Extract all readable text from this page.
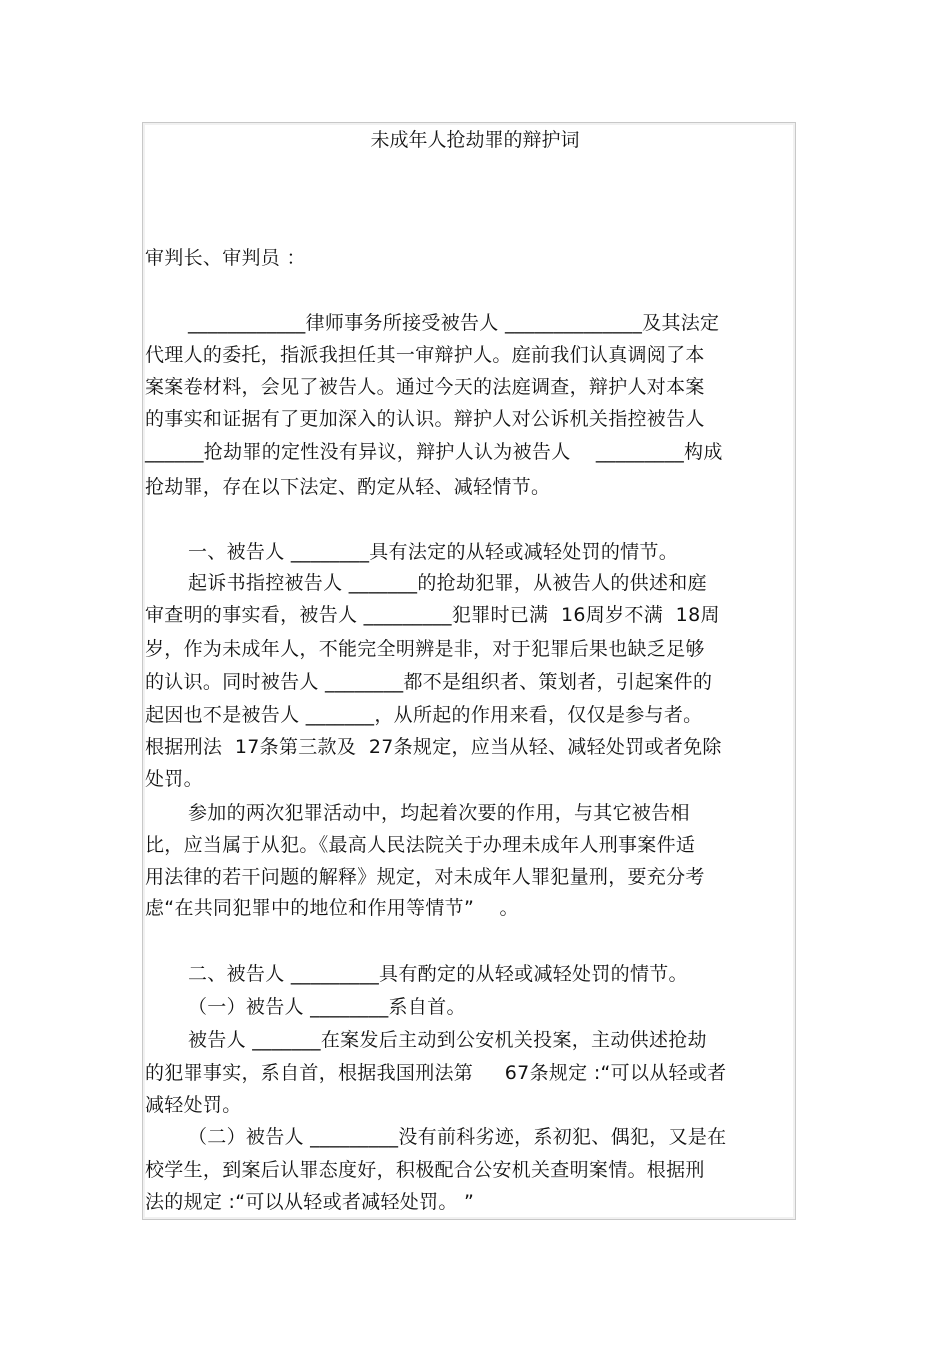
未成年人抢劫罪的辩护词
审判长、审判员 ：
____________律师事务所接受被告人 ______________及其法定
代理人的委托，指派我担任其一审辩护人。庭前我们认真调阅了本
案案卷材料，会见了被告人。通过今天的法庭调查，辩护人对本案
的事实和证据有了更加深入的认识。辩护人对公诉机关指控被告人
______抢劫罪的定性没有异议，辩护人认为被告人    _________构成
抢劫罪，存在以下法定、酌定从轻、减轻情节。
一、被告人 ________具有法定的从轻或减轻处罚的情节。
起诉书指控被告人 _______的抢劫犯罪，从被告人的供述和庭
审查明的事实看，被告人 _________犯罪时已满  16周岁不满  18周
岁，作为未成年人，不能完全明辨是非，对于犯罪后果也缺乏足够
的认识。同时被告人 ________都不是组织者、策划者，引起案件的
起因也不是被告人 _______，从所起的作用来看，仅仅是参与者。
根据刑法  17条第三款及  27条规定，应当从轻、减轻处罚或者免除
处罚。
参加的两次犯罪活动中，均起着次要的作用，与其它被告相
比，应当属于从犯。《最高人民法院关于办理未成年人刑事案件适
用法律的若干问题的解释》规定，对未成年人罪犯量刑，要充分考
虑“在共同犯罪中的地位和作用等情节”    。
二、被告人 _________具有酌定的从轻或减轻处罚的情节。
（一）被告人 ________系自首。
被告人 _______在案发后主动到公安机关投案，主动供述抢劫
的犯罪事实，系自首，根据我国刑法第     67条规定 :“可以从轻或者
减轻处罚。
（二）被告人 _________没有前科劣迹，系初犯、偶犯，又是在
校学生，到案后认罪态度好，积极配合公安机关查明案情。根据刑
法的规定 :“可以从轻或者减轻处罚。 ”
